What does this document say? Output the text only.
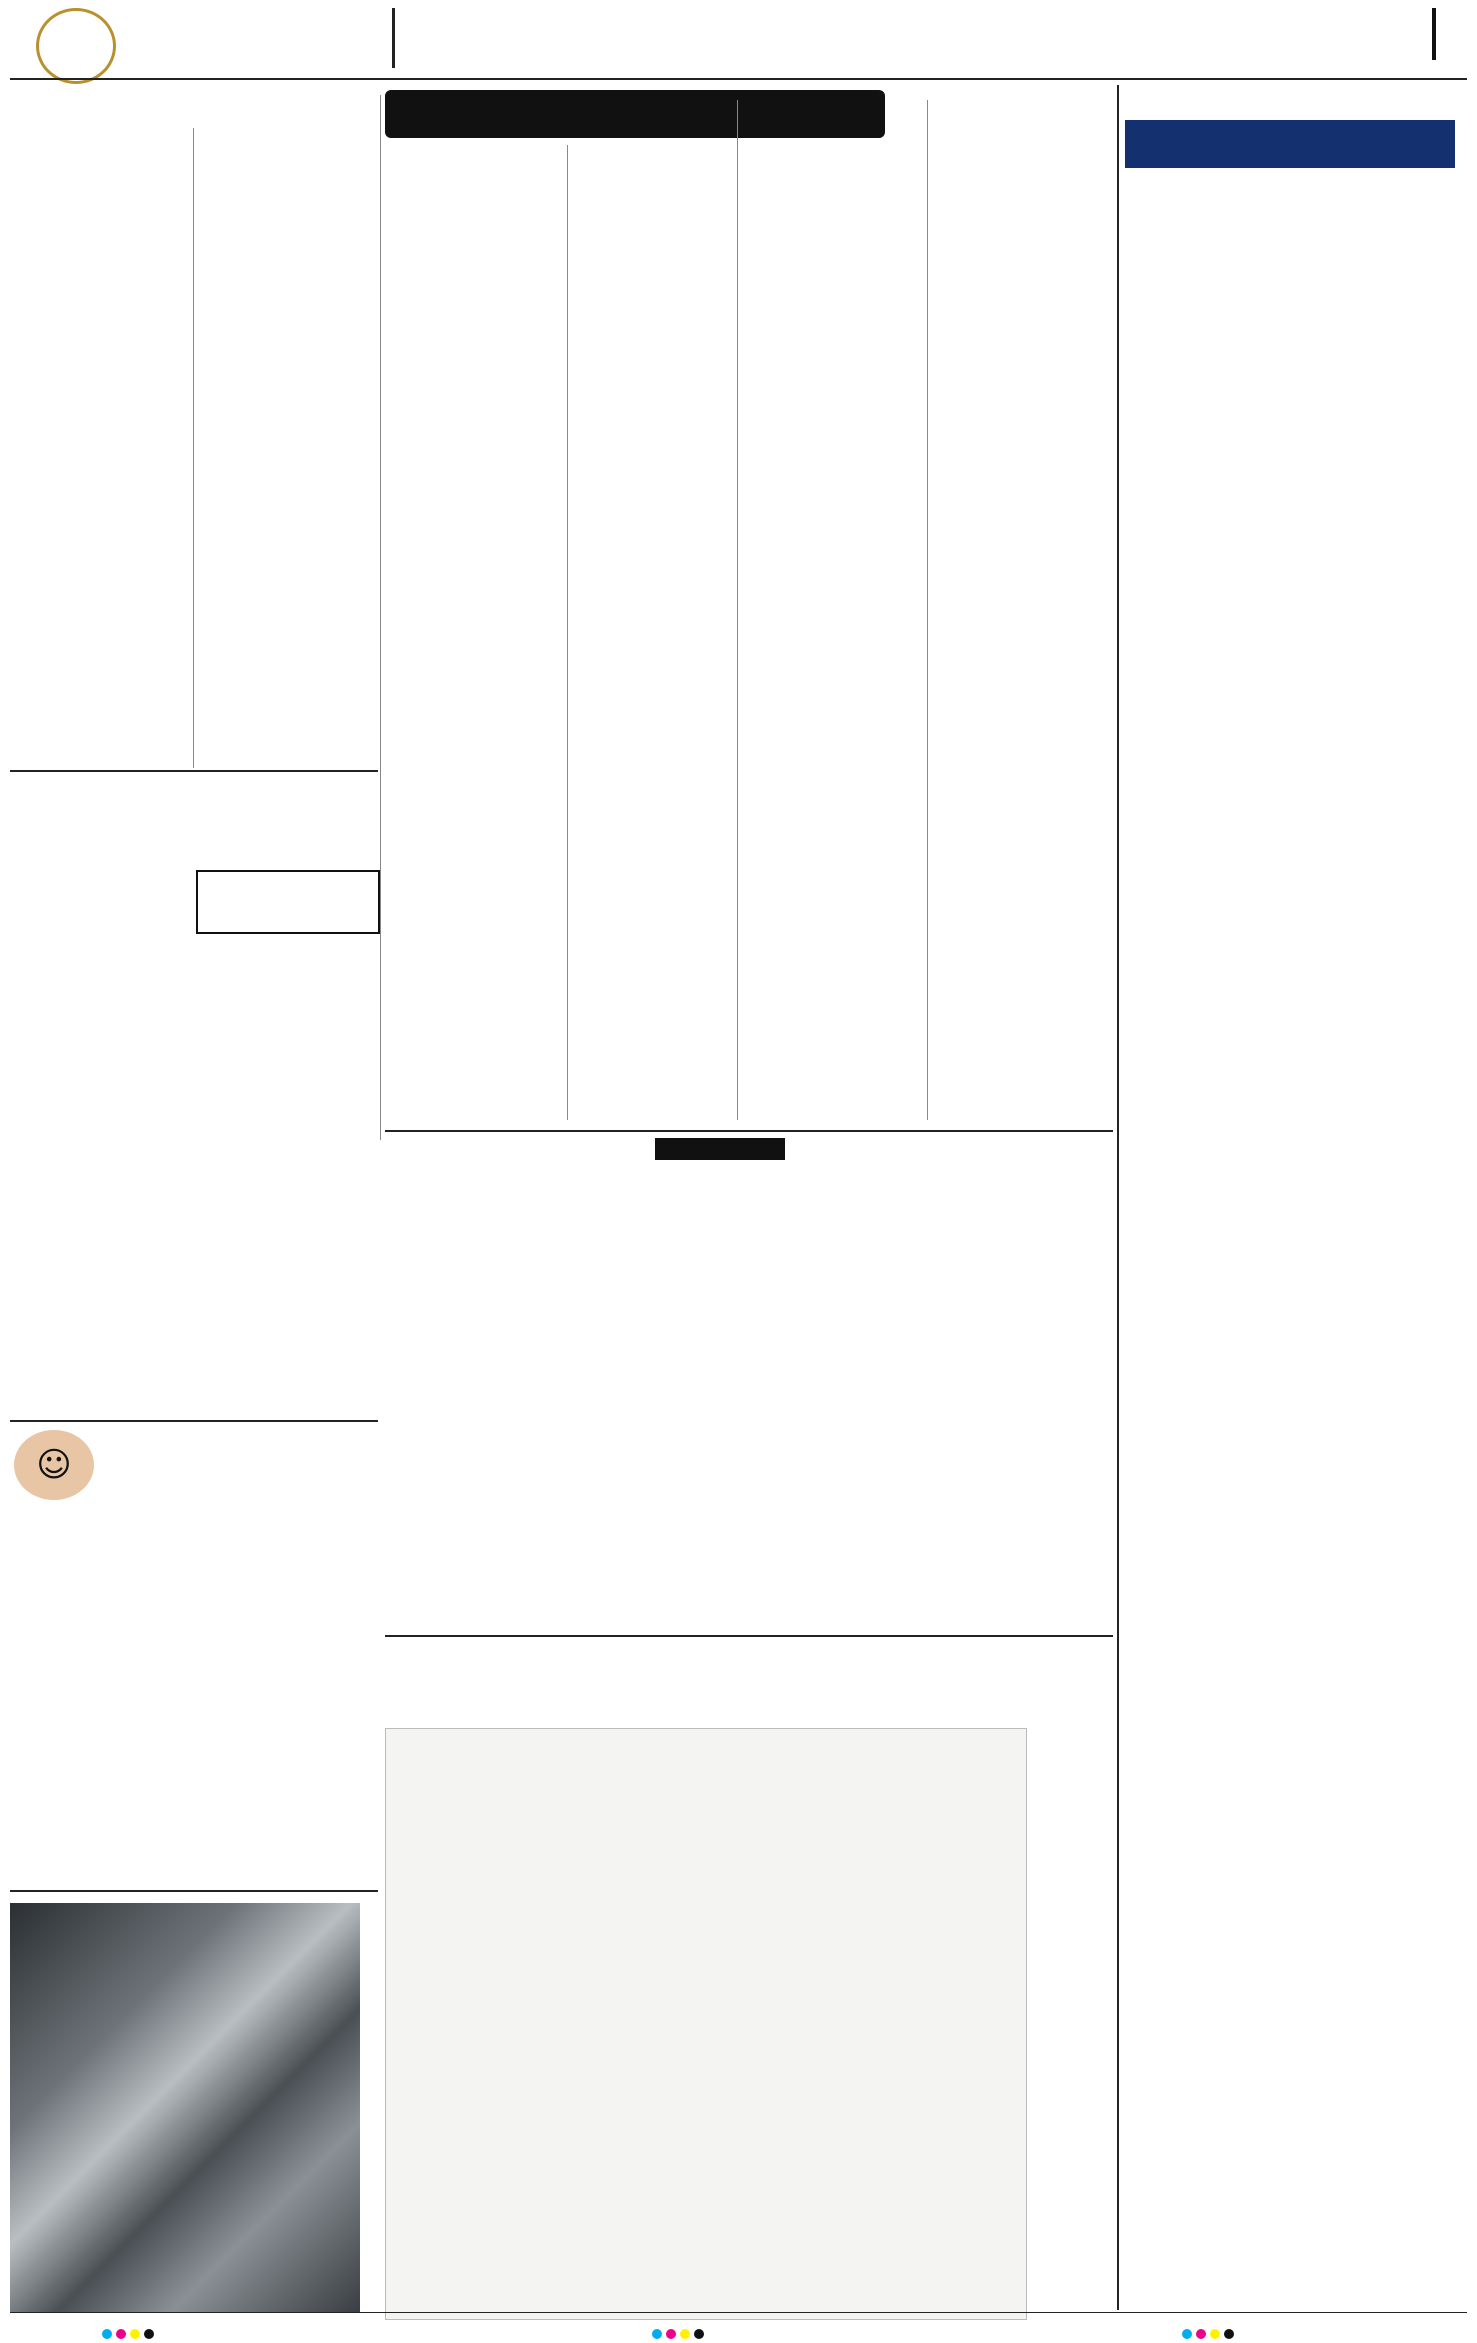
☺
